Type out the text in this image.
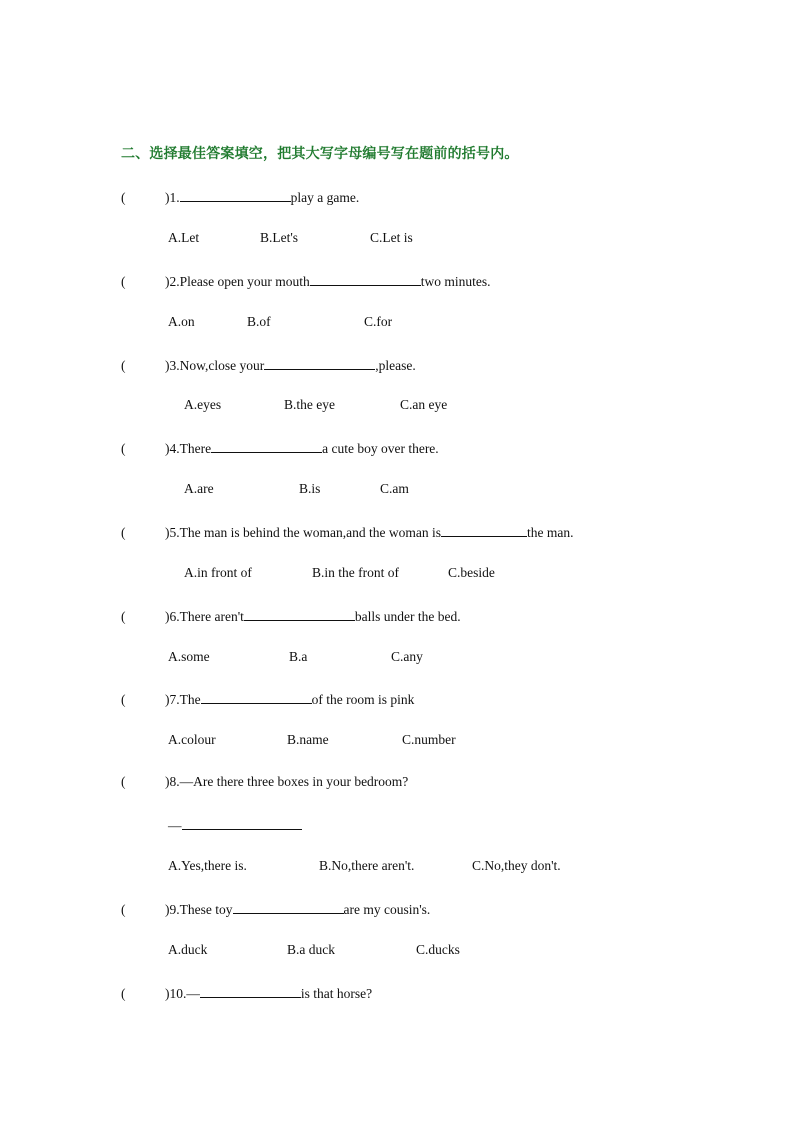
二、选择最佳答案填空，把其大写字母编号写在题前的括号内。
(	)1.	play a game.
A.Let	B.Let's	C.Let is
(	)2.Please open your mouth	two minutes.
A.on	B.of	C.for
(	)3.Now,close your	,please.
A.eyes	B.the eye	C.an eye
(	)4.There	a cute boy over there.
A.are	B.is	C.am
(	)5.The man is behind the woman,and the woman is	the man.
A.in front of	B.in the front of	C.beside
(	)6.There aren't	balls under the bed.
A.some	B.a	C.any
(	)7.The	of the room is pink
A.colour	B.name	C.number
(	)8.—Are there three boxes in your bedroom?
—
A.Yes,there is.	B.No,there aren't.	C.No,they don't.
(	)9.These toy	are my cousin's.
A.duck	B.a duck	C.ducks
(	)10.—	is that horse?
